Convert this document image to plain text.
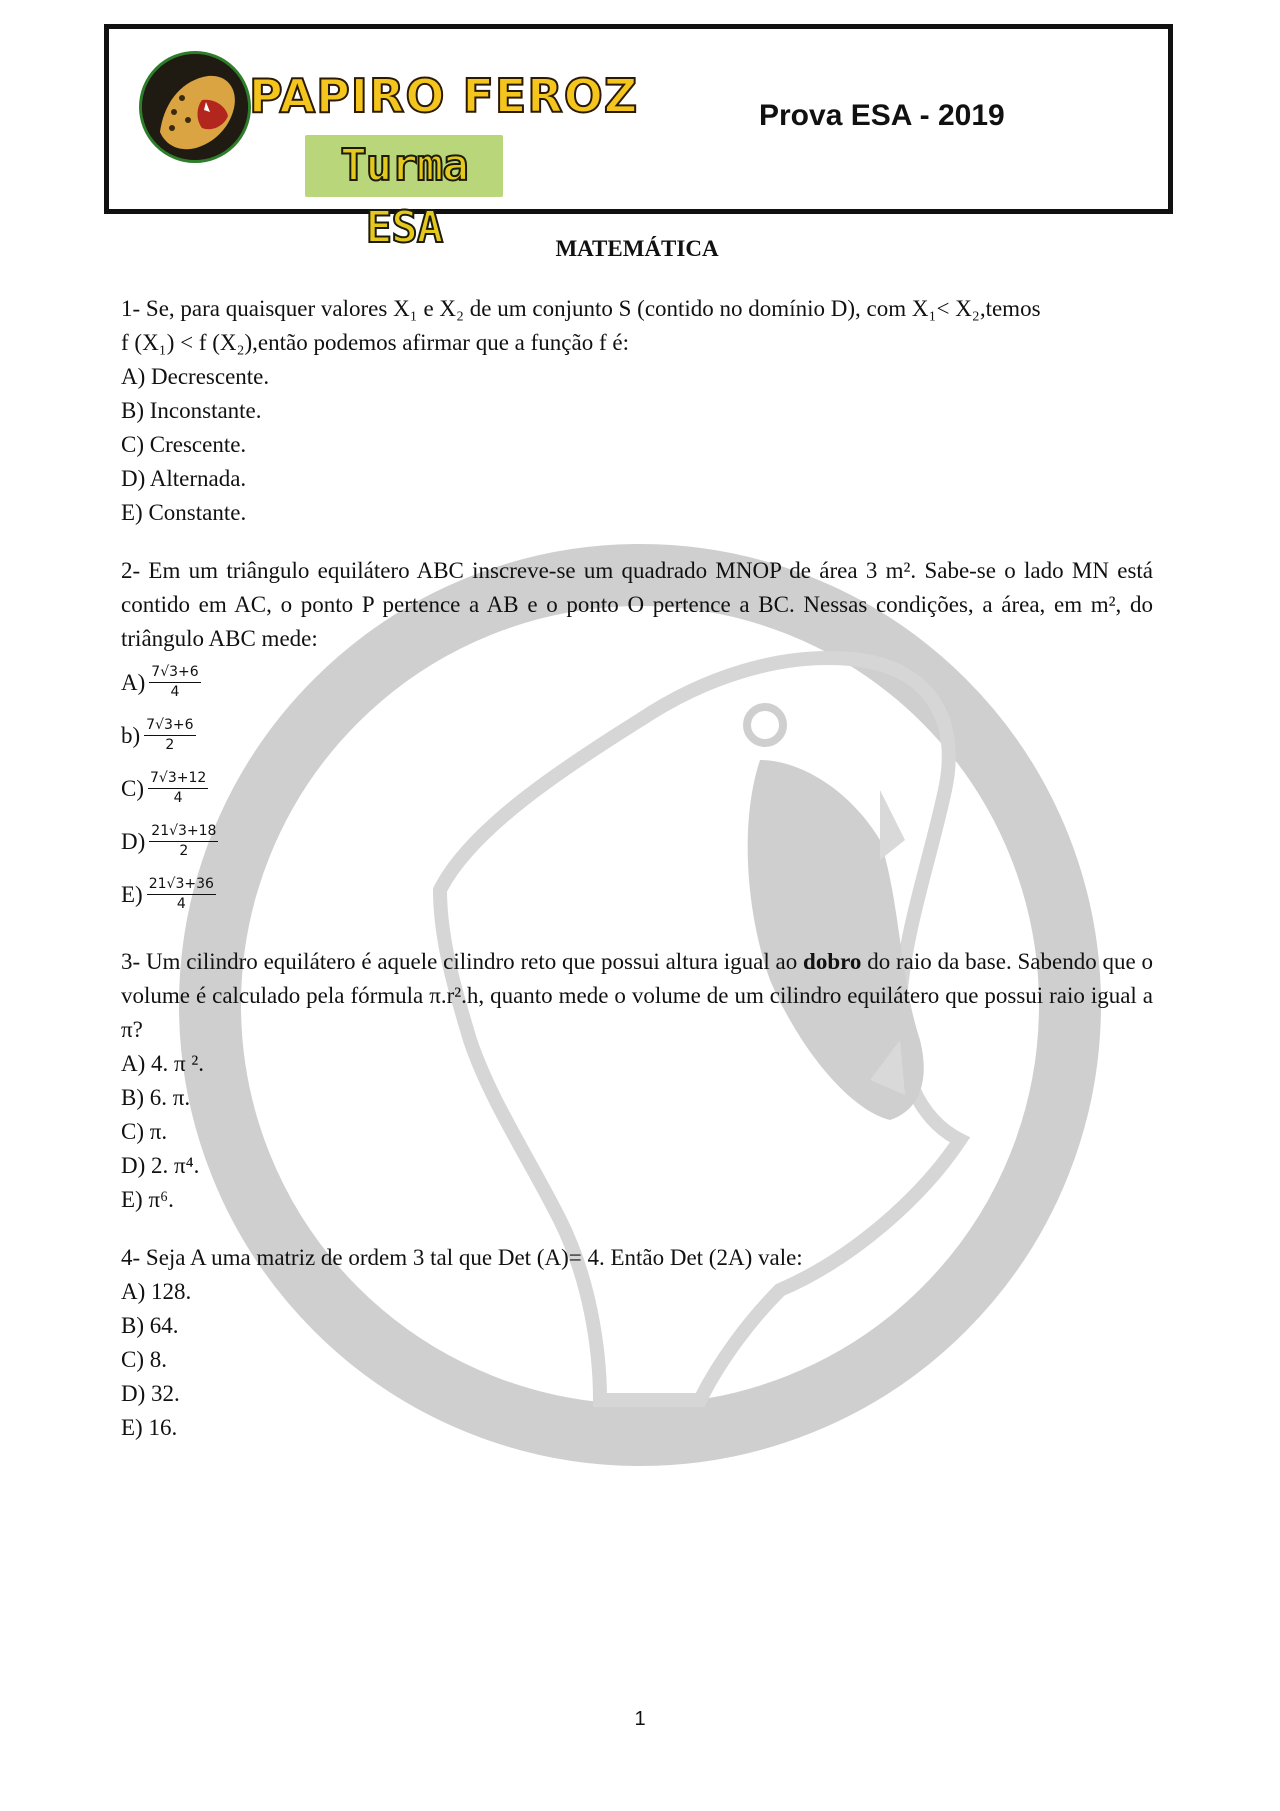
PAPIRO FEROZ
Turma ESA
Prova ESA - 2019

MATEMÁTICA

1- Se, para quaisquer valores X₁ e X₂ de um conjunto S (contido no domínio D), com X₁< X₂,temos

f (X₁) < f (X₂),então podemos afirmar que a função f é:

A) Decrescente.

B) Inconstante.

C) Crescente.

D) Alternada.

E) Constante.

2- Em um triângulo equilátero ABC inscreve-se um quadrado MNOP de área 3 m². Sabe-se o lado MN está contido em AC, o ponto P pertence a AB e o ponto O pertence a BC. Nessas condições, a área, em m², do triângulo ABC mede:

$A) \frac{7√3+6}{4}$
$b) \frac{7√3+6}{2}$
$C) \frac{7√3+12}{4}$
$D) \frac{21√3+18}{2}$
$E) \frac{21√3+36}{4}$

3- Um cilindro equilátero é aquele cilindro reto que possui altura igual ao dobro do raio da base. Sabendo que o volume é calculado pela fórmula π.r².h, quanto mede o volume de um cilindro equilátero que possui raio igual a π?

A) 4. π ².

B) 6. π.

C) π.

D) 2. π⁴.

E) π⁶.

4- Seja A uma matriz de ordem 3 tal que Det (A)= 4. Então Det (2A) vale:

A) 128.

B) 64.

C) 8.

D) 32.

E) 16.

1
